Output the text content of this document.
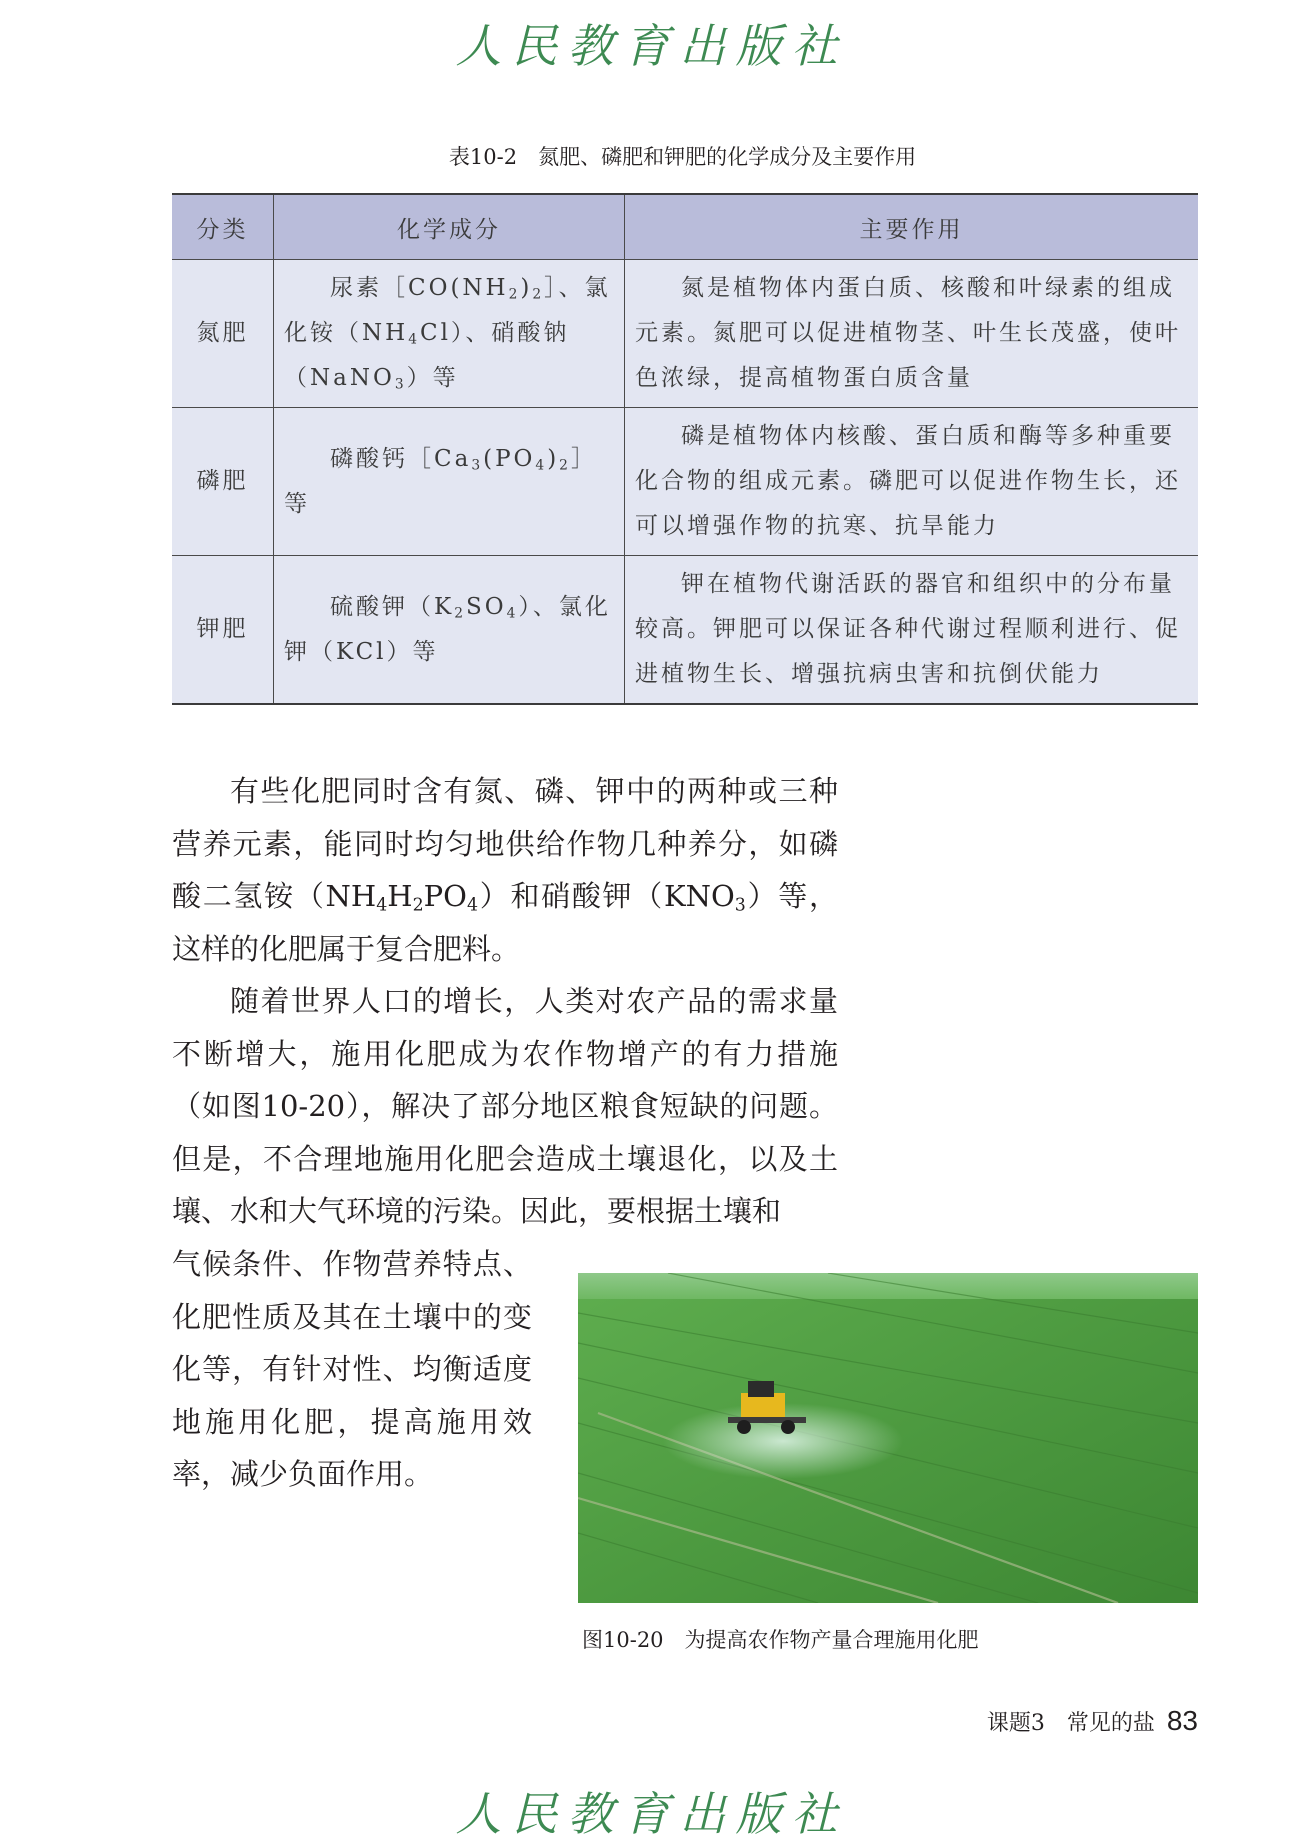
人民教育出版社
表10-2　氮肥、磷肥和钾肥的化学成分及主要作用
分类	化学成分	主要作用
氮肥	尿素$[CO(NH_2)_2]$、氯化铵$(NH_4Cl)$、硝酸钠（NaNO$_3$）等	氮是植物体内蛋白质、核酸和叶绿素的组成元素。氮肥可以促进植物茎、叶生长茂盛，使叶色浓绿，提高植物蛋白质含量
磷肥	磷酸钙$[Ca_3(PO_4)_2]$等	磷是植物体内核酸、蛋白质和酶等多种重要化合物的组成元素。磷肥可以促进作物生长，还可以增强作物的抗寒、抗旱能力
钾肥	硫酸钾$(K_2SO_4)$、氯化钾（KCl）等	钾在植物代谢活跃的器官和组织中的分布量较高。钾肥可以保证各种代谢过程顺利进行、促进植物生长、增强抗病虫害和抗倒伏能力

有些化肥同时含有氮、磷、钾中的两种或三种营养元素，能同时均匀地供给作物几种养分，如磷酸二氢铵$(NH_4H_2PO_4)$和硝酸钾$(KNO_3)$等，这样的化肥属于复合肥料。

随着世界人口的增长，人类对农产品的需求量不断增大，施用化肥成为农作物增产的有力措施（如图10-20），解决了部分地区粮食短缺的问题。但是，不合理地施用化肥会造成土壤退化，以及土壤、水和大气环境的污染。因此，要根据土壤和

气候条件、作物营养特点、化肥性质及其在土壤中的变化等，有针对性、均衡适度地施用化肥，提高施用效率，减少负面作用。
图10-20　为提高农作物产量合理施用化肥
课题3　常见的盐 83
人民教育出版社
